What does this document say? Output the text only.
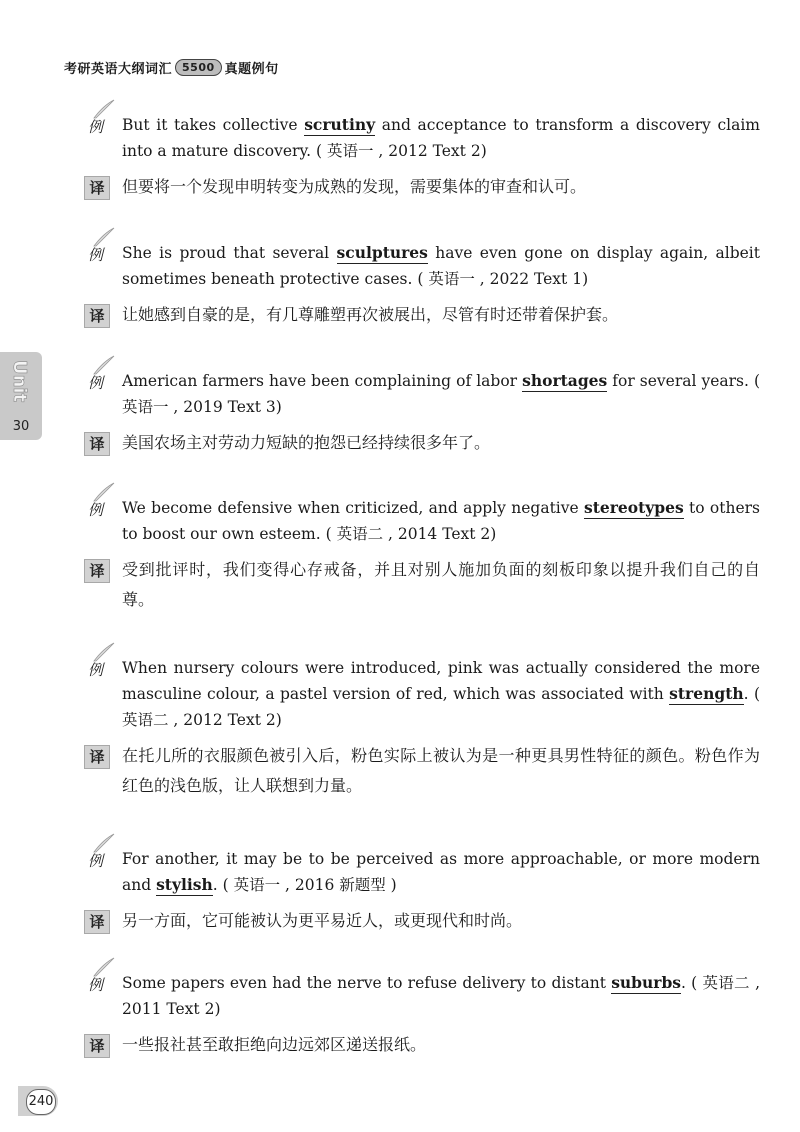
考研英语大纲词汇 5500 真题例句
Unit
30
例 But it takes collective scrutiny and acceptance to transform a discovery claim into a mature discovery. ( 英语一 , 2012 Text 2)
译	但要将一个发现申明转变为成熟的发现，需要集体的审查和认可。
例 She is proud that several sculptures have even gone on display again, albeit sometimes beneath protective cases. ( 英语一 , 2022 Text 1)
译	让她感到自豪的是，有几尊雕塑再次被展出，尽管有时还带着保护套。
例 American farmers have been complaining of labor shortages for several years. ( 英语一 , 2019 Text 3)
译	美国农场主对劳动力短缺的抱怨已经持续很多年了。
例 We become defensive when criticized, and apply negative stereotypes to others to boost our own esteem. ( 英语二 , 2014 Text 2)
译	受到批评时，我们变得心存戒备，并且对别人施加负面的刻板印象以提升我们自己的自尊。
例 When nursery colours were introduced, pink was actually considered the more masculine colour, a pastel version of red, which was associated with strength. ( 英语二 , 2012 Text 2)
译	在托儿所的衣服颜色被引入后，粉色实际上被认为是一种更具男性特征的颜色。粉色作为红色的浅色版，让人联想到力量。
例 For another, it may be to be perceived as more approachable, or more modern and stylish. ( 英语一 , 2016 新题型 )
译	另一方面，它可能被认为更平易近人，或更现代和时尚。
例 Some papers even had the nerve to refuse delivery to distant suburbs. ( 英语二 , 2011 Text 2)
译	一些报社甚至敢拒绝向边远郊区递送报纸。
240
